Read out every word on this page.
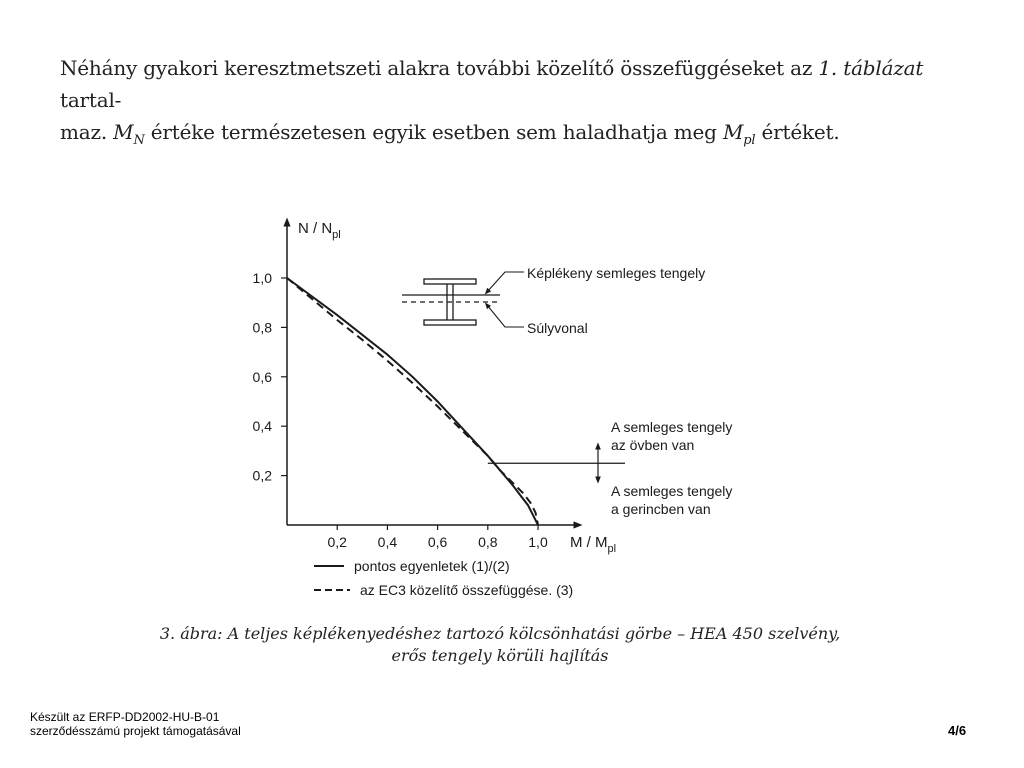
Néhány gyakori keresztmetszeti alakra további közelítő összefüggéseket az 1. táblázat tartal-
maz. $M_N$ értéke természetesen egyik esetben sem haladhatja meg $M_{pl}$ értéket.
N / $N_{pl}$
M / $M_{pl}$
0,2 0,4 0,6 0,8 1,0
1,0
0,8
0,6
0,4
0,2
A semleges tengely
az övben van
A semleges tengely
a gerincben van
Képlékeny semleges tengely
Súlyvonal
pontos egyenletek (1)/(2)
az EC3 közelítő összefüggése. (3)
3. ábra: A teljes képlékenyedéshez tartozó kölcsönhatási görbe – HEA 450 szelvény,
erős tengely körüli hajlítás
Készült az ERFP-DD2002-HU-B-01
szerződésszámú projekt támogatásával	4/6
